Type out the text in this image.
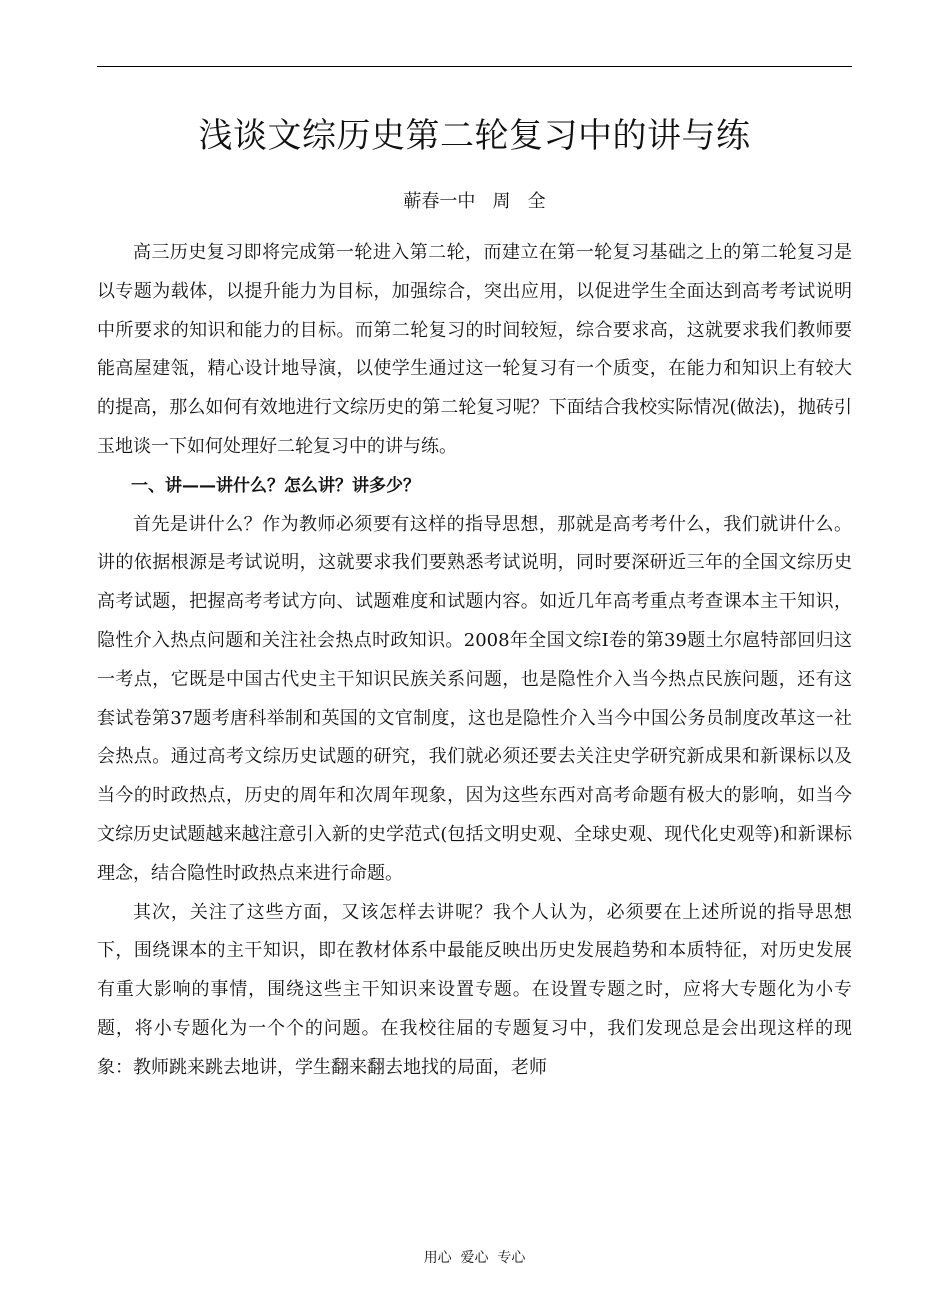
浅谈文综历史第二轮复习中的讲与练
蕲春一中   周   全

高三历史复习即将完成第一轮进入第二轮，而建立在第一轮复习基础之上的第二轮复习是以专题为载体，以提升能力为目标，加强综合，突出应用，以促进学生全面达到高考考试说明中所要求的知识和能力的目标。而第二轮复习的时间较短，综合要求高，这就要求我们教师要能高屋建瓴，精心设计地导演，以使学生通过这一轮复习有一个质变，在能力和知识上有较大的提高，那么如何有效地进行文综历史的第二轮复习呢？下面结合我校实际情况(做法)，抛砖引玉地谈一下如何处理好二轮复习中的讲与练。

一、讲——讲什么？怎么讲？讲多少？

首先是讲什么？作为教师必须要有这样的指导思想，那就是高考考什么，我们就讲什么。讲的依据根源是考试说明，这就要求我们要熟悉考试说明，同时要深研近三年的全国文综历史高考试题，把握高考考试方向、试题难度和试题内容。如近几年高考重点考查课本主干知识，隐性介入热点问题和关注社会热点时政知识。2008年全国文综Ⅰ卷的第39题土尔扈特部回归这一考点，它既是中国古代史主干知识民族关系问题，也是隐性介入当今热点民族问题，还有这套试卷第37题考唐科举制和英国的文官制度，这也是隐性介入当今中国公务员制度改革这一社会热点。通过高考文综历史试题的研究，我们就必须还要去关注史学研究新成果和新课标以及当今的时政热点，历史的周年和次周年现象，因为这些东西对高考命题有极大的影响，如当今文综历史试题越来越注意引入新的史学范式(包括文明史观、全球史观、现代化史观等)和新课标理念，结合隐性时政热点来进行命题。

其次，关注了这些方面，又该怎样去讲呢？我个人认为，必须要在上述所说的指导思想下，围绕课本的主干知识，即在教材体系中最能反映出历史发展趋势和本质特征，对历史发展有重大影响的事情，围绕这些主干知识来设置专题。在设置专题之时，应将大专题化为小专题，将小专题化为一个个的问题。在我校往届的专题复习中，我们发现总是会出现这样的现象：教师跳来跳去地讲，学生翻来翻去地找的局面，老师

用心  爱心  专心
